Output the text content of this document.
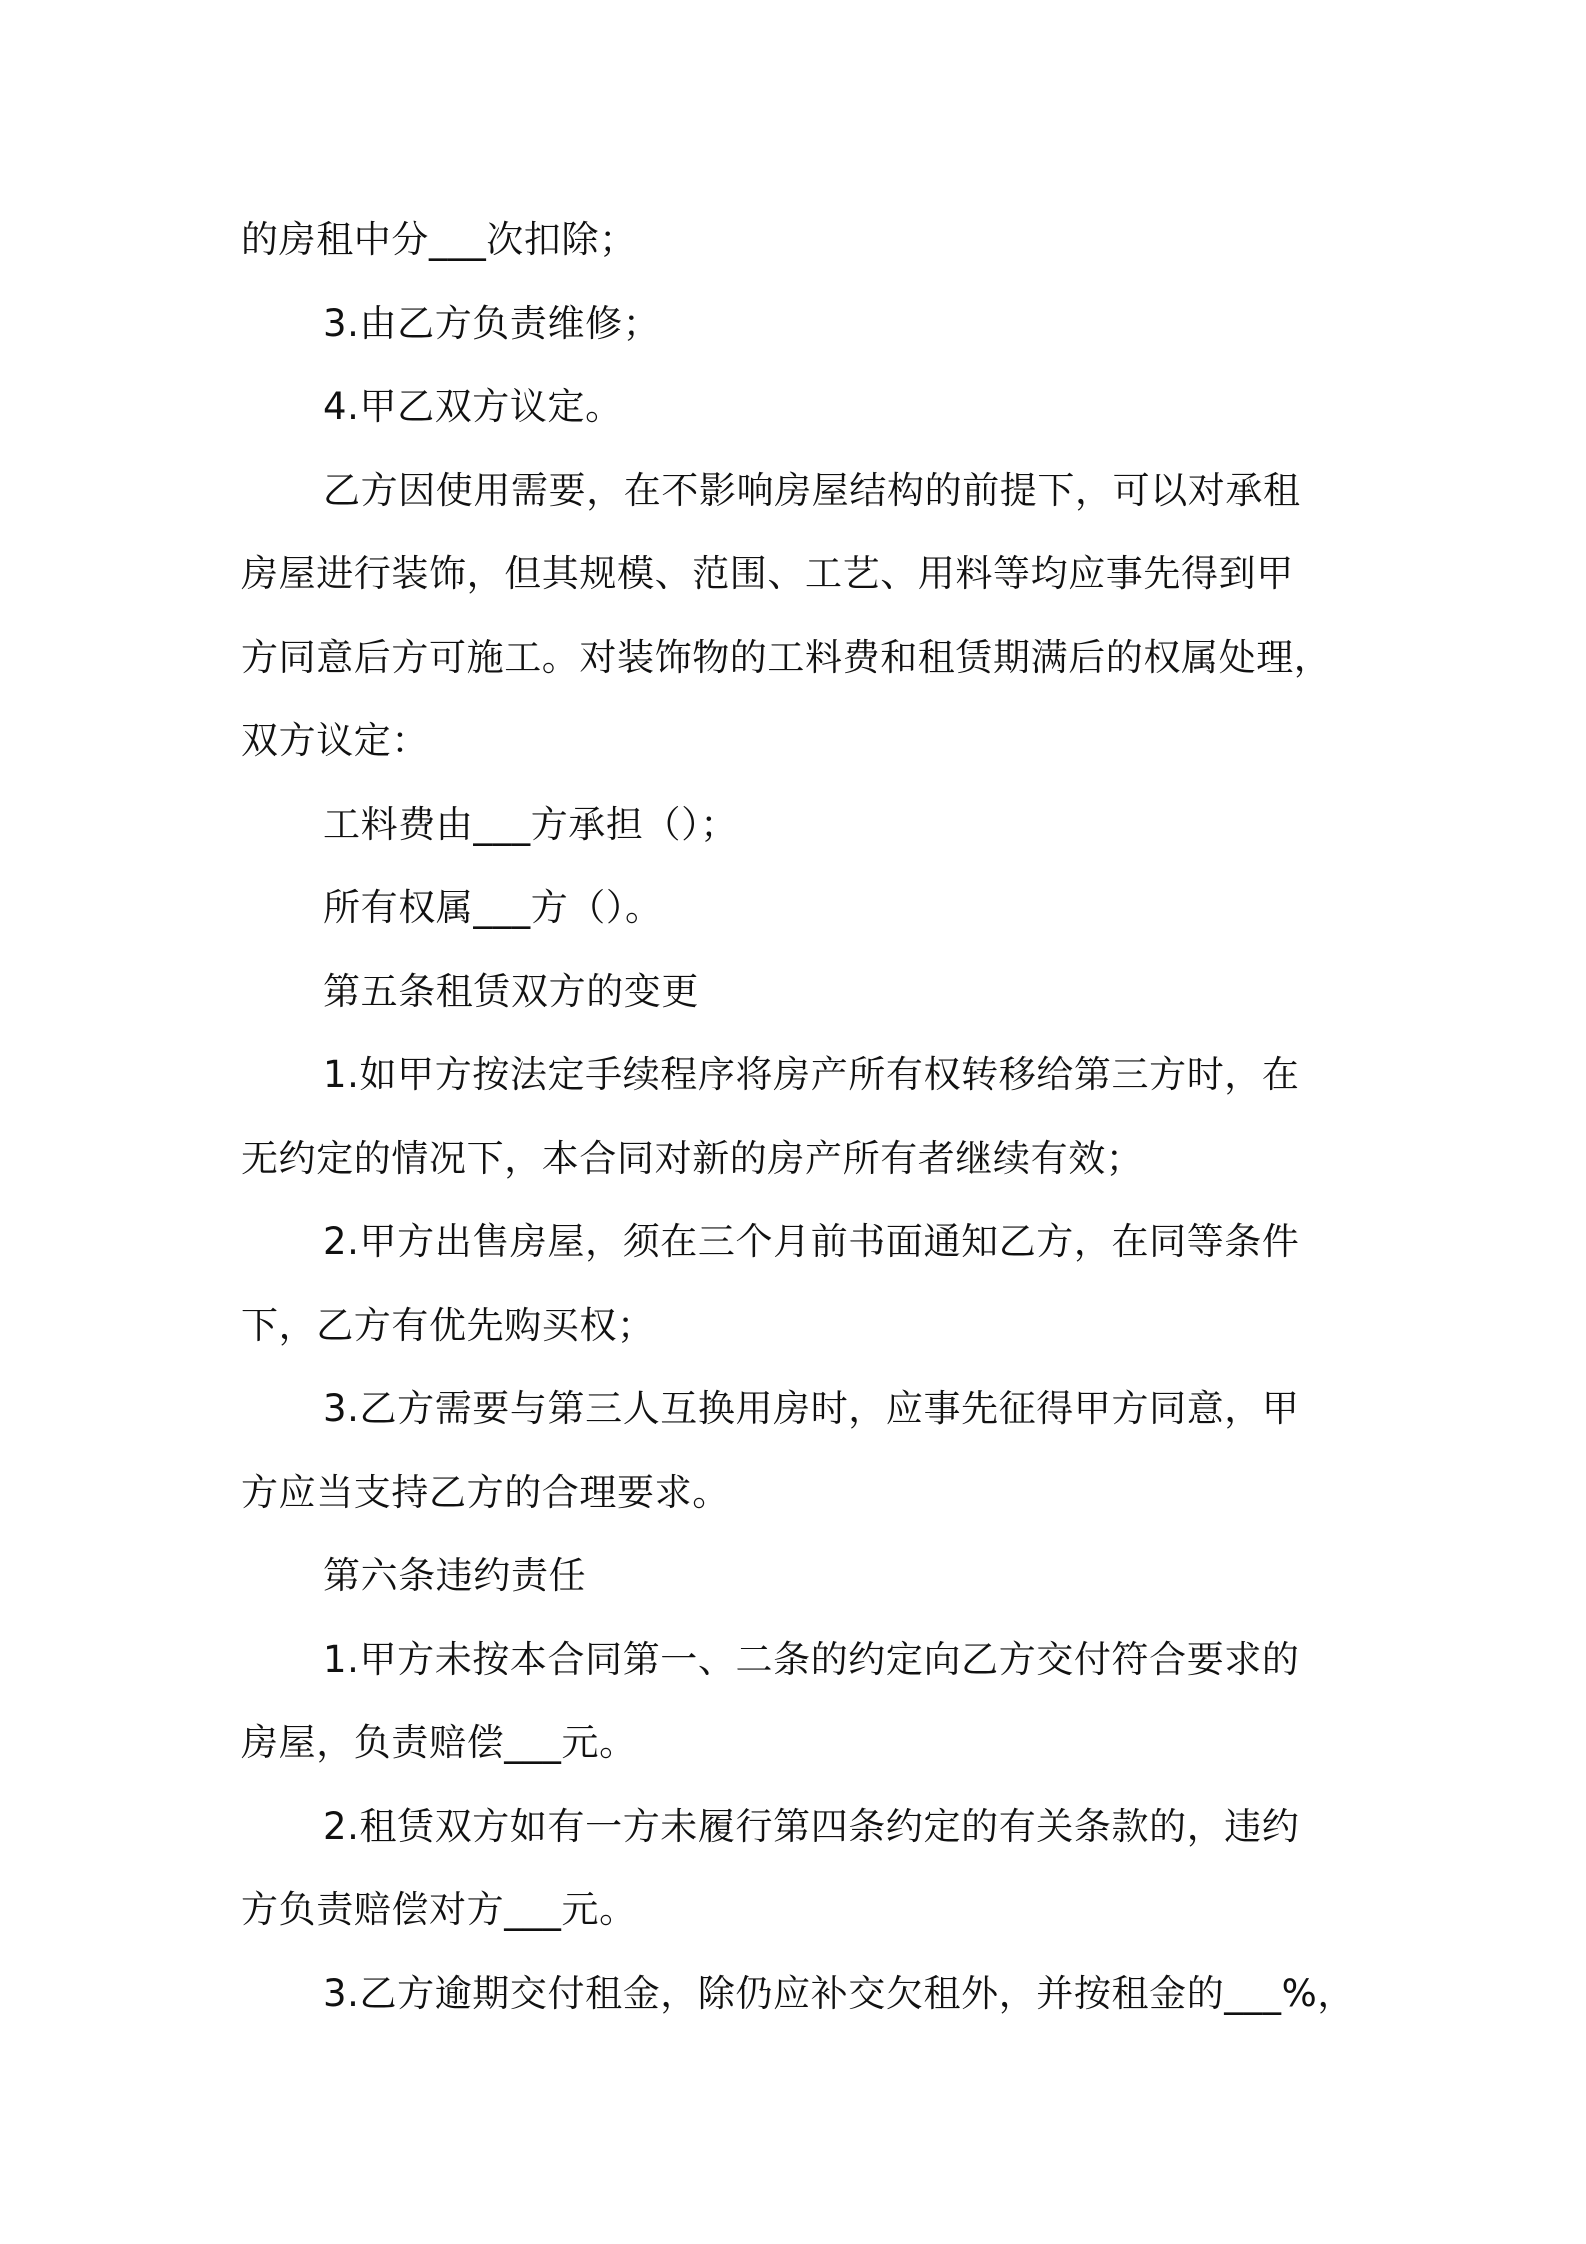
的房租中分___次扣除；
3.由乙方负责维修；
4.甲乙双方议定。
乙方因使用需要，在不影响房屋结构的前提下，可以对承租
房屋进行装饰，但其规模、范围、工艺、用料等均应事先得到甲
方同意后方可施工。对装饰物的工料费和租赁期满后的权属处理，
双方议定：
工料费由___方承担（）；
所有权属___方（）。
第五条租赁双方的变更
1.如甲方按法定手续程序将房产所有权转移给第三方时，在
无约定的情况下，本合同对新的房产所有者继续有效；
2.甲方出售房屋，须在三个月前书面通知乙方，在同等条件
下，乙方有优先购买权；
3.乙方需要与第三人互换用房时，应事先征得甲方同意，甲
方应当支持乙方的合理要求。
第六条违约责任
1.甲方未按本合同第一、二条的约定向乙方交付符合要求的
房屋，负责赔偿___元。
2.租赁双方如有一方未履行第四条约定的有关条款的，违约
方负责赔偿对方___元。
3.乙方逾期交付租金，除仍应补交欠租外，并按租金的___%，
